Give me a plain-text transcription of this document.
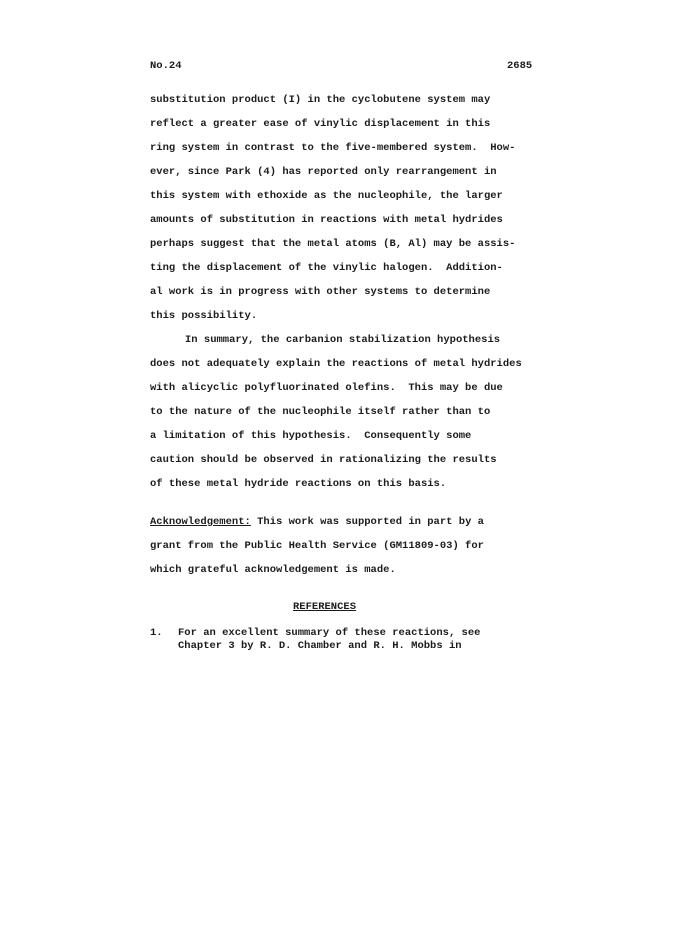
No.24	2685
substitution product (I) in the cyclobutene system may
reflect a greater ease of vinylic displacement in this
ring system in contrast to the five-membered system.  How-
ever, since Park (4) has reported only rearrangement in
this system with ethoxide as the nucleophile, the larger
amounts of substitution in reactions with metal hydrides
perhaps suggest that the metal atoms (B, Al) may be assis-
ting the displacement of the vinylic halogen.  Addition-
al work is in progress with other systems to determine
this possibility.
In summary, the carbanion stabilization hypothesis
does not adequately explain the reactions of metal hydrides
with alicyclic polyfluorinated olefins.  This may be due
to the nature of the nucleophile itself rather than to
a limitation of this hypothesis.  Consequently some
caution should be observed in rationalizing the results
of these metal hydride reactions on this basis.
Acknowledgement: This work was supported in part by a
grant from the Public Health Service (GM11809-03) for
which grateful acknowledgement is made.
REFERENCES
1. For an excellent summary of these reactions, see
Chapter 3 by R. D. Chamber and R. H. Mobbs in
